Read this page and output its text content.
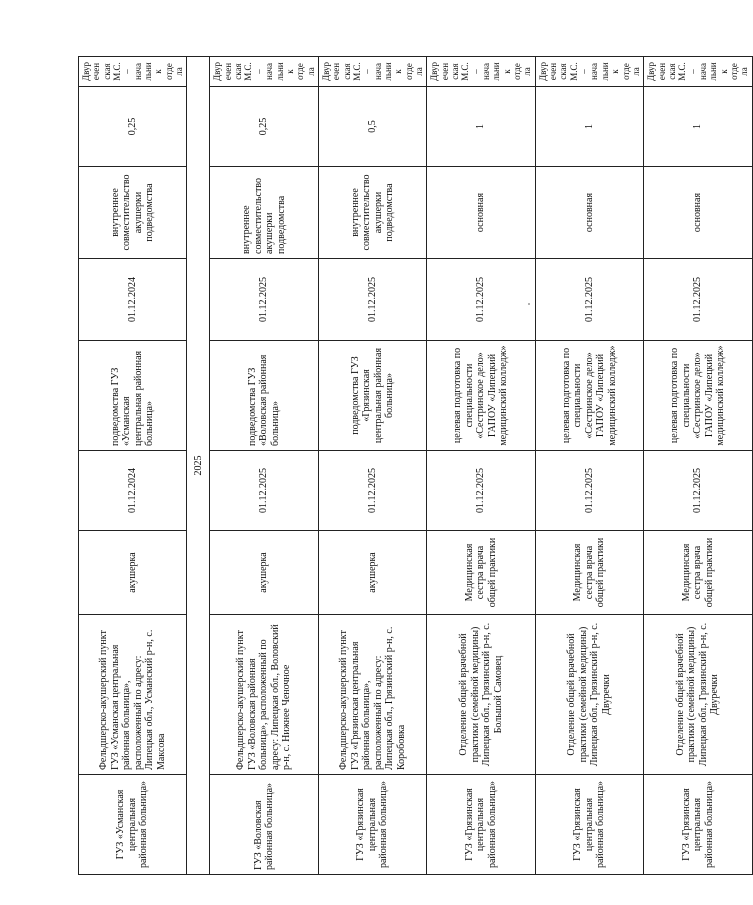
ГУЗ «Усманская центральная районная больница»	Фельдшерско-акушерский пункт ГУЗ «Усманская центральная районная больница», расположенный по адресу: Липецкая обл., Усманский р-н, с. Максова	акушерка	01.12.2024	подведомства ГУЗ «Усманская центральная районная больница»	01.12.2024	внутреннее совместительство акушерки подведомства	0,25	Двуреченская М.С. – начальник отдела
2025								
ГУЗ «Воловская районная больница»	Фельдшерско-акушерский пункт ГУЗ «Воловская районная больница», расположенный по адресу: Липецкая обл., Воловский р-н, с. Нижнее Ченочное	акушерка	01.12.2025	подведомства ГУЗ «Воловская районная больница»	01.12.2025	внутреннее совместительство акушерки подведомства	0,25	Двуреченская М.С. – начальник отдела
ГУЗ «Грязинская центральная районная больница»	Фельдшерско-акушерский пункт ГУЗ «Грязинская центральная районная больница», расположенный по адресу: Липецкая обл., Грязинский р-н, с. Коробовка	акушерка	01.12.2025	подведомства ГУЗ «Грязинская центральная районная больница»	01.12.2025	внутреннее совместительство акушерки подведомства	0,5	Двуреченская М.С. – начальник отдела
ГУЗ «Грязинская центральная районная больница»	Отделение общей врачебной практики (семейной медицины) Липецкая обл., Грязинский р-н, с. Большой Самовец	Медицинская сестра врача общей практики	01.12.2025	целевая подготовка по специальности «Сестринское дело» ГАПОУ «Липецкий медицинский колледж»	01.12.2025	основная	1	Двуреченская М.С. – начальник отдела
ГУЗ «Грязинская центральная районная больница»	Отделение общей врачебной практики (семейной медицины) Липецкая обл., Грязинский р-н, с. Двуречки	Медицинская сестра врача общей практики	01.12.2025	целевая подготовка по специальности «Сестринское дело» ГАПОУ «Липецкий медицинский колледж»	01.12.2025	основная	1	Двуреченская М.С. – начальник отдела
ГУЗ «Грязинская центральная районная больница»	Отделение общей врачебной практики (семейной медицины) Липецкая обл., Грязинский р-н, с. Двуречки	Медицинская сестра врача общей практики	01.12.2025	целевая подготовка по специальности «Сестринское дело» ГАПОУ «Липецкий медицинский колледж»	01.12.2025	основная	1	Двуреченская М.С. – начальник отдела
